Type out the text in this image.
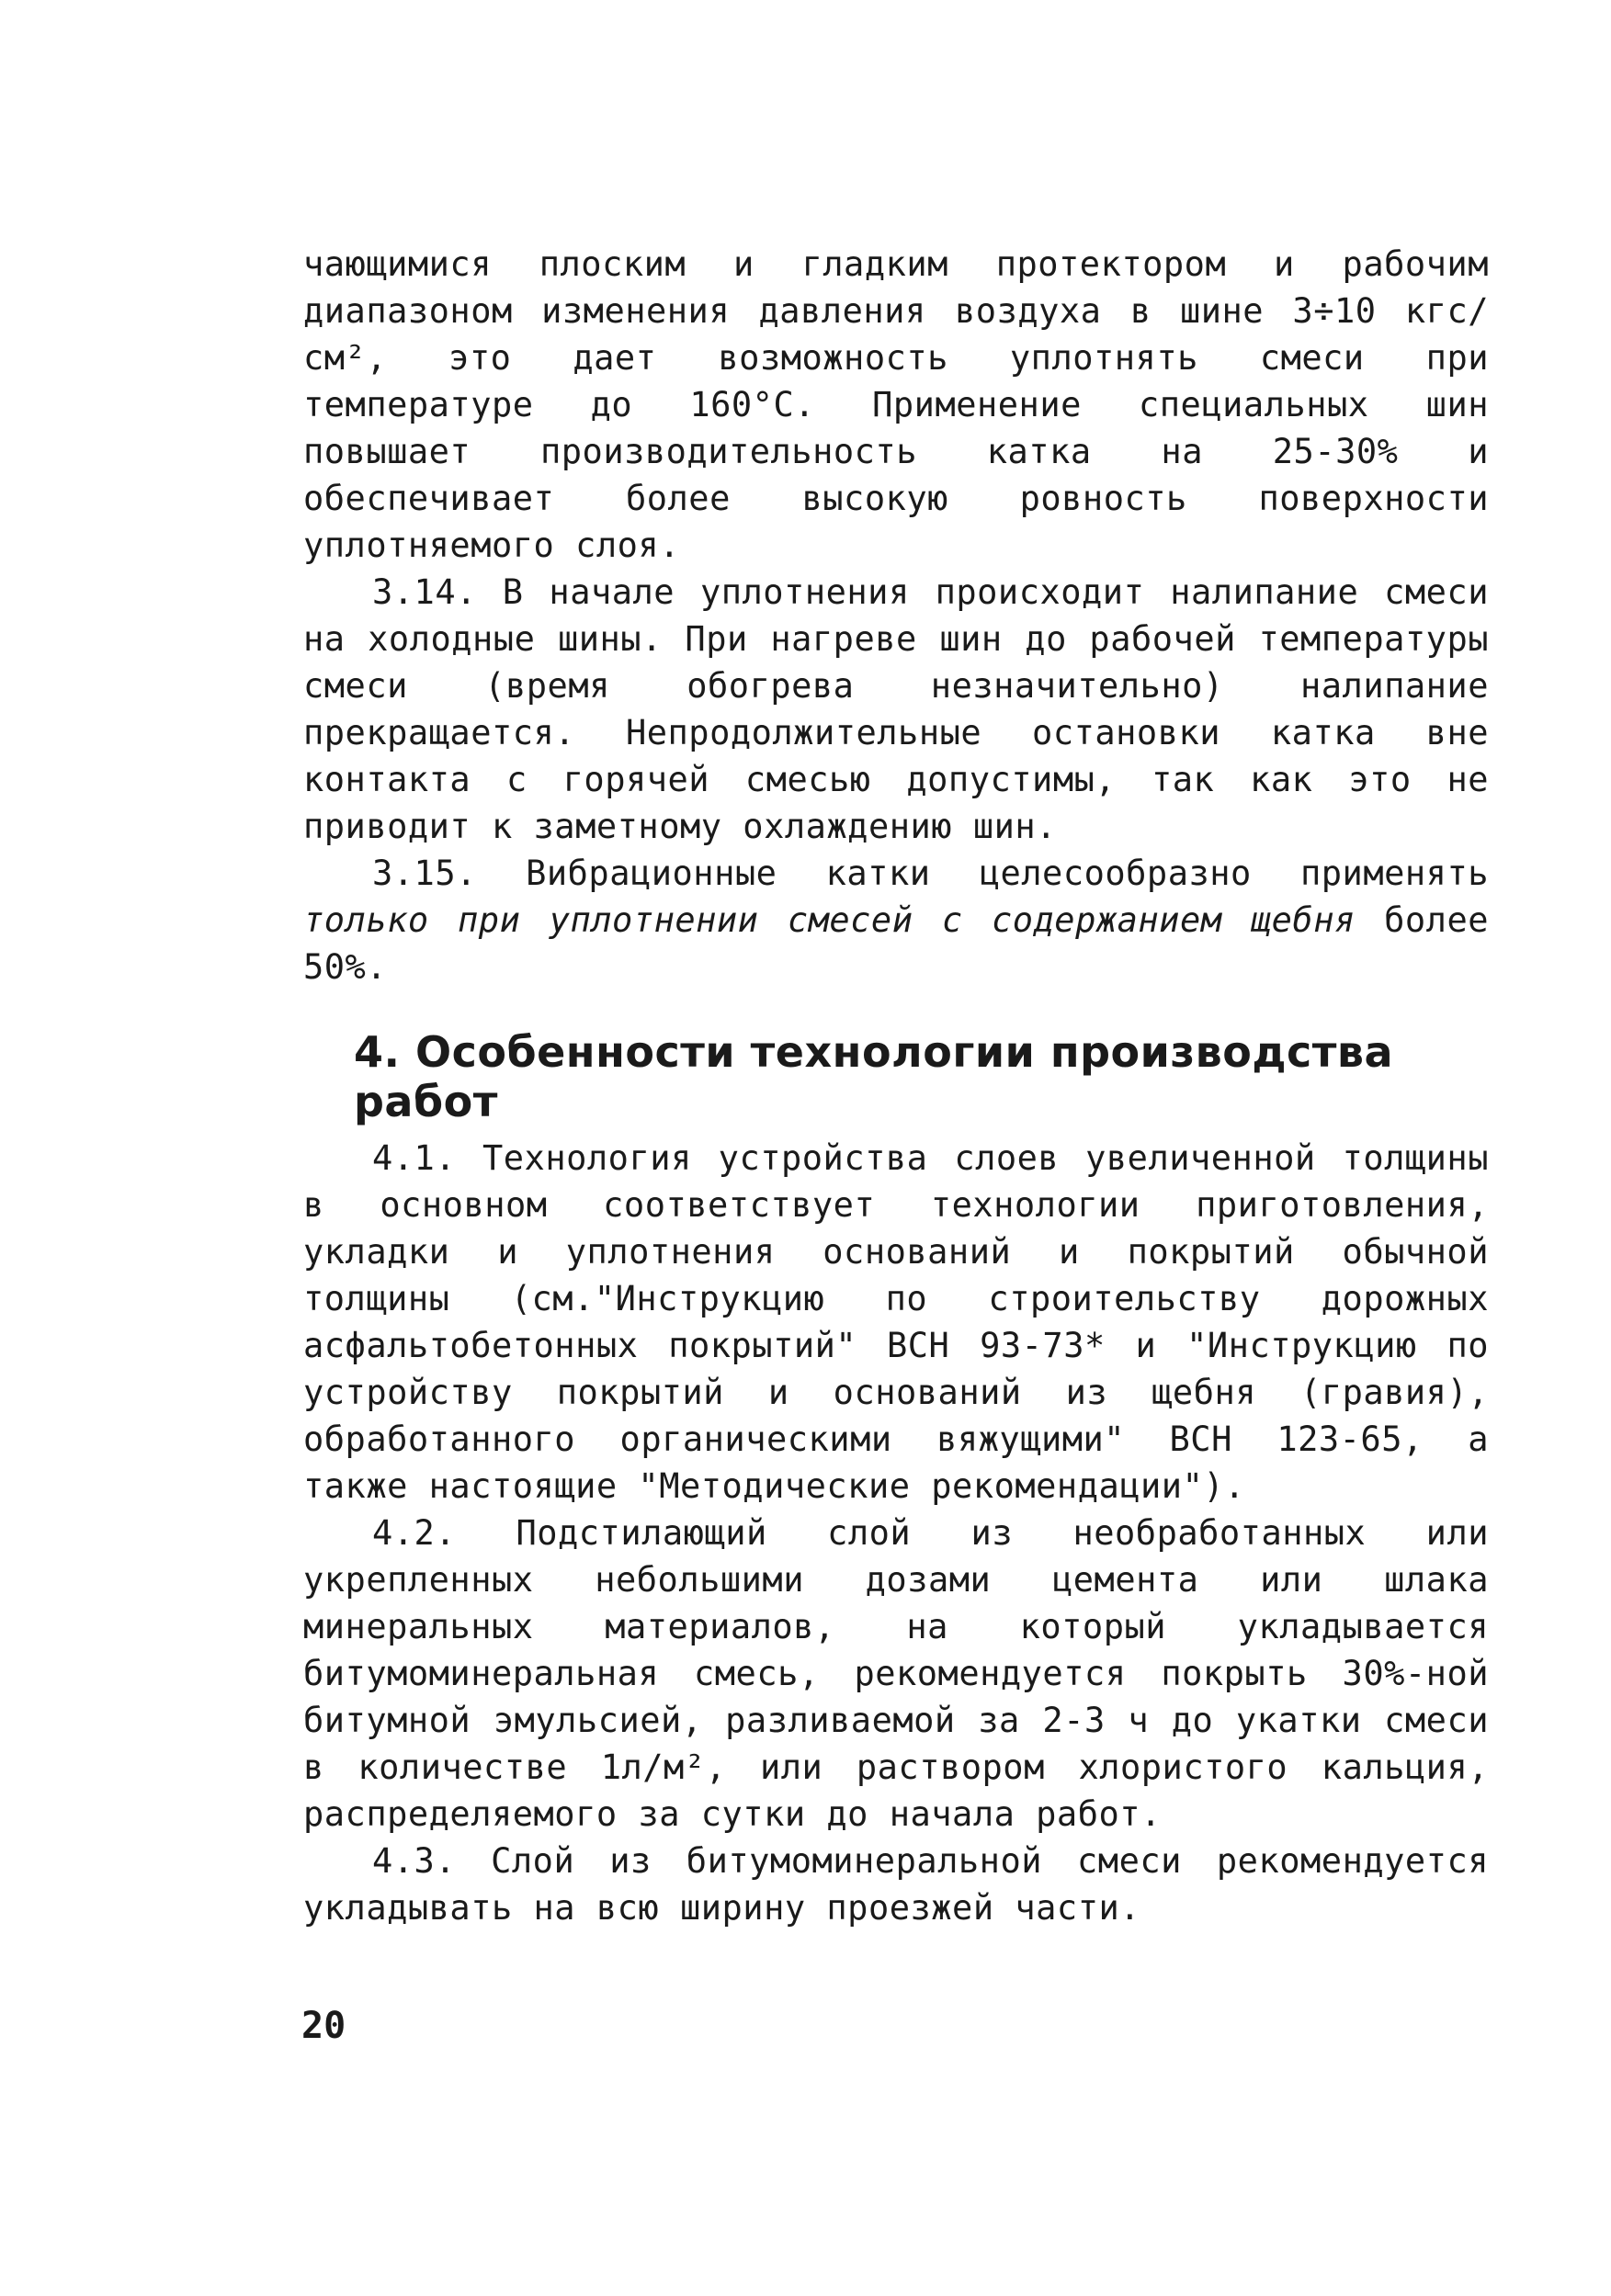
чающимися плоским и гладким протектором и рабочим диапазоном изменения давления воздуха в шине 3÷10 кгс/см², это дает возможность уплотнять смеси при температуре до 160°С. Применение специальных шин повышает производительность катка на 25-30% и обеспечивает более высокую ровность поверхности уплотняемого слоя.

3.14. В начале уплотнения происходит налипание смеси на холодные шины. При нагреве шин до рабочей температуры смеси (время обогрева незначительно) налипание прекращается. Непродолжительные остановки катка вне контакта с горячей смесью допустимы, так как это не приводит к заметному охлаждению шин.

3.15. Вибрационные катки целесообразно применять только при уплотнении смесей с содержанием щебня более 50%.

4. Особенности технологии производства работ

4.1. Технология устройства слоев увеличенной толщины в основном соответствует технологии приготовления, укладки и уплотнения оснований и покрытий обычной толщины (см."Инструкцию по строительству дорожных асфальтобетонных покрытий" ВСН 93-73* и "Инструкцию по устройству покрытий и оснований из щебня (гравия), обработанного органическими вяжущими" ВСН 123-65, а также настоящие "Методические рекомендации").

4.2. Подстилающий слой из необработанных или укрепленных небольшими дозами цемента или шлака минеральных материалов, на который укладывается битумоминеральная смесь, рекомендуется покрыть 30%-ной битумной эмульсией, разливаемой за 2-3 ч до укатки смеси в количестве 1л/м², или раствором хлористого кальция, распределяемого за сутки до начала работ.

4.3. Слой из битумоминеральной смеси рекомендуется укладывать на всю ширину проезжей части.

20
